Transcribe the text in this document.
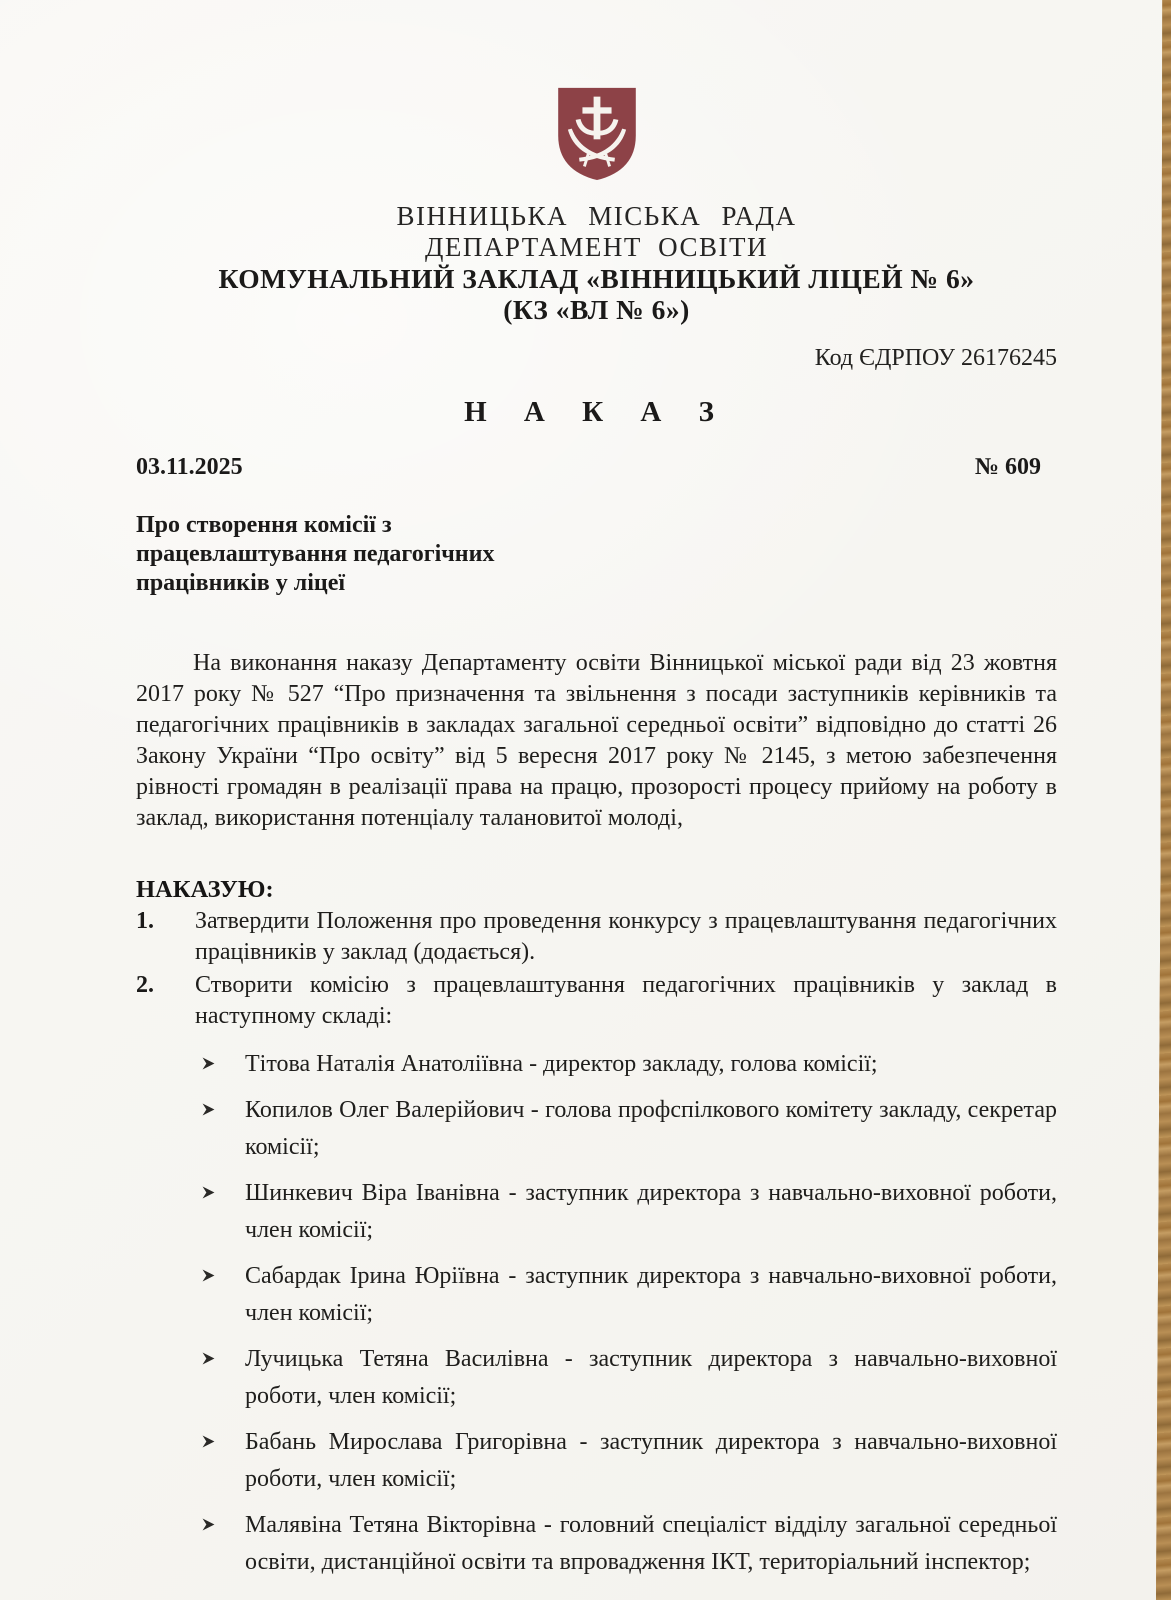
ВІННИЦЬКА МІСЬКА РАДА
ДЕПАРТАМЕНТ ОСВІТИ
КОМУНАЛЬНИЙ ЗАКЛАД «ВІННИЦЬКИЙ ЛІЦЕЙ № 6»
(КЗ «ВЛ № 6»)
Код ЄДРПОУ 26176245
Н А К А З
03.11.2025	№ 609
Про створення комісії з
працевлаштування педагогічних
працівників у ліцеї
На виконання наказу Департаменту освіти Вінницької міської ради від 23 жовтня 2017 року № 527 “Про призначення та звільнення з посади заступників керівників та педагогічних працівників в закладах загальної середньої освіти” відповідно до статті 26 Закону України “Про освіту” від 5 вересня 2017 року № 2145, з метою забезпечення рівності громадян в реалізації права на працю, прозорості процесу прийому на роботу в заклад, використання потенціалу талановитої молоді,
НАКАЗУЮ:
1.	Затвердити Положення про проведення конкурсу з працевлаштування педагогічних працівників у заклад (додається).
2.	Створити комісію з працевлаштування педагогічних працівників у заклад в наступному складі:
Тітова Наталія Анатоліївна - директор закладу, голова комісії;
Копилов Олег Валерійович - голова профспілкового комітету закладу, секретар комісії;
Шинкевич Віра Іванівна - заступник директора з навчально-виховної роботи, член комісії;
Сабардак Ірина Юріївна - заступник директора з навчально-виховної роботи, член комісії;
Лучицька Тетяна Василівна - заступник директора з навчально-виховної роботи, член комісії;
Бабань Мирослава Григорівна - заступник директора з навчально-виховної роботи, член комісії;
Малявіна Тетяна Вікторівна - головний спеціаліст відділу загальної середньої освіти, дистанційної освіти та впровадження ІКТ, територіальний інспектор;
